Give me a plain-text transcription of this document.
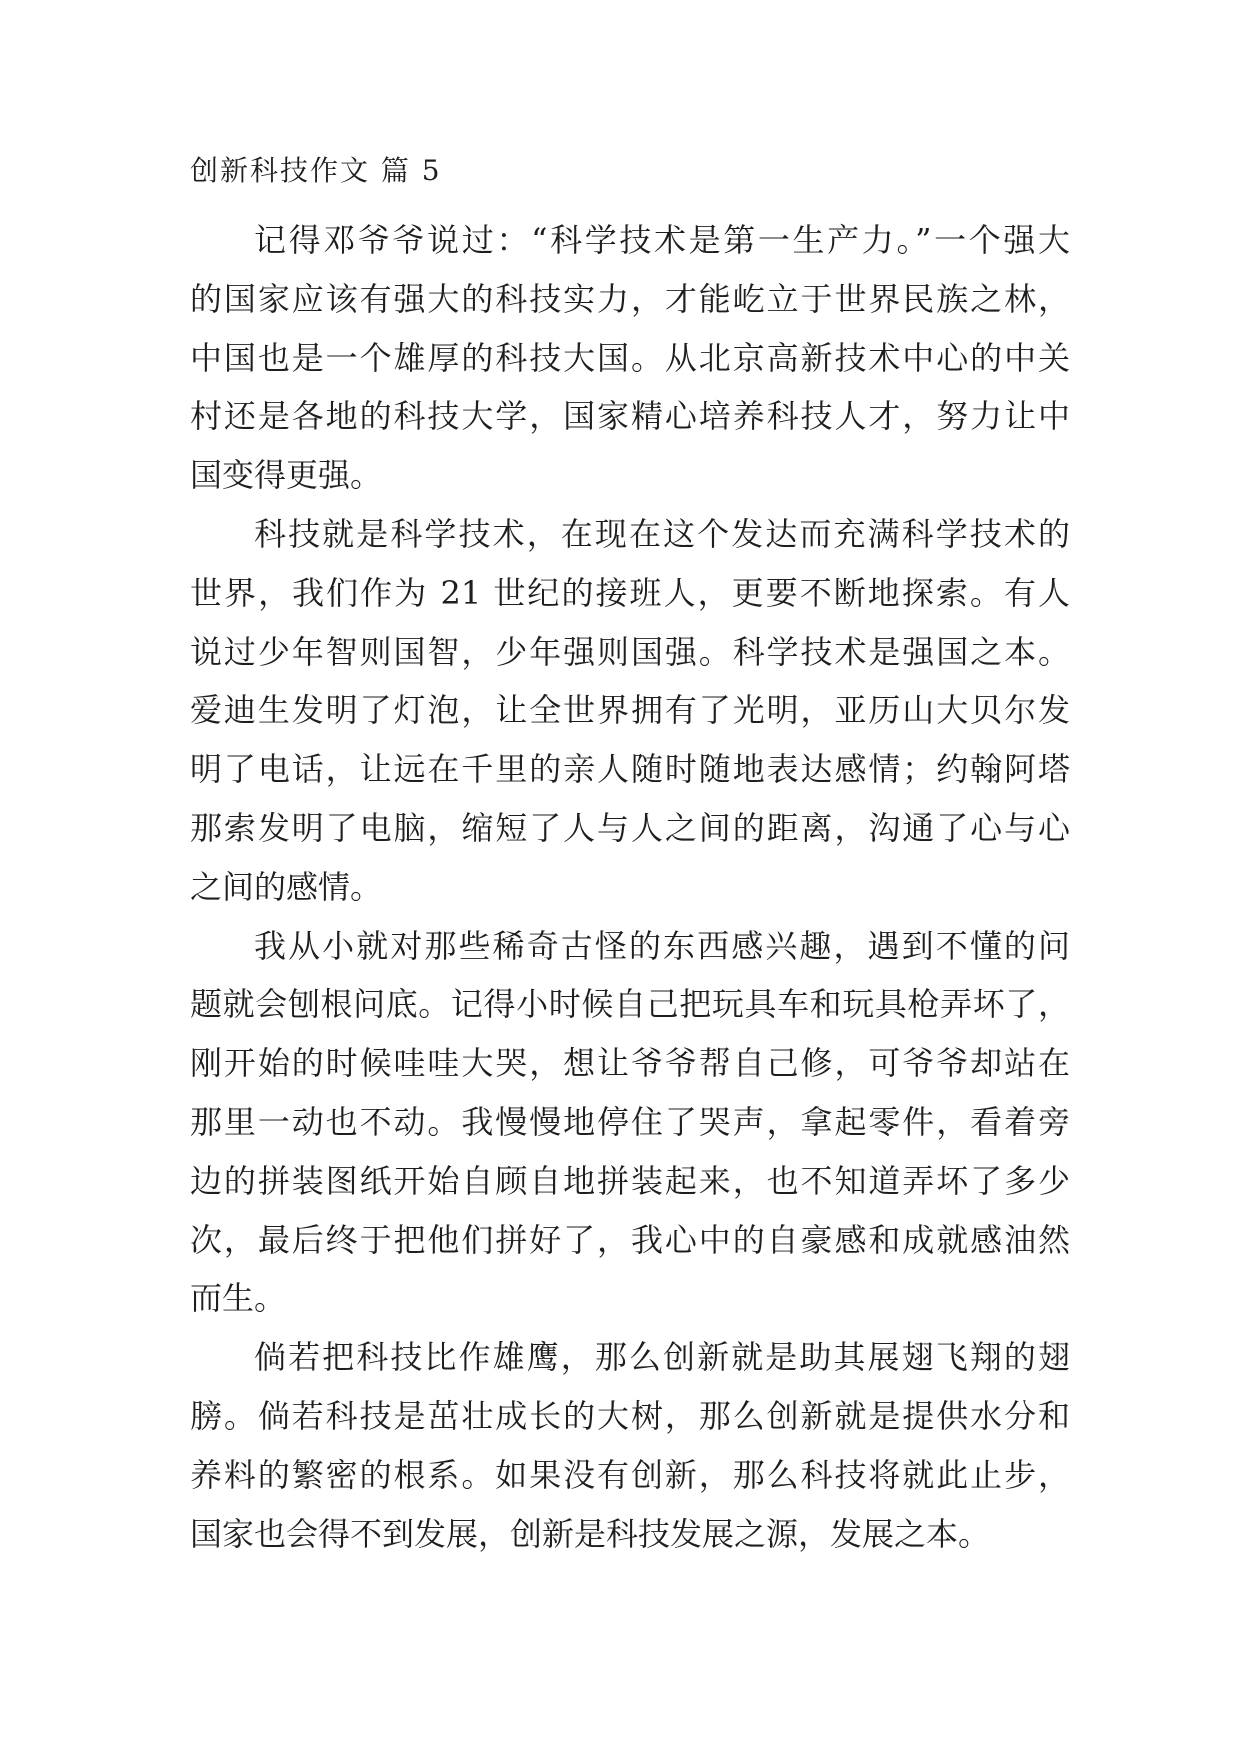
创新科技作文 篇 5
记得邓爷爷说过：“科学技术是第一生产力。”一个强大
的国家应该有强大的科技实力，才能屹立于世界民族之林，
中国也是一个雄厚的科技大国。从北京高新技术中心的中关
村还是各地的科技大学，国家精心培养科技人才，努力让中
国变得更强。
科技就是科学技术，在现在这个发达而充满科学技术的
世界，我们作为 21 世纪的接班人，更要不断地探索。有人
说过少年智则国智，少年强则国强。科学技术是强国之本。
爱迪生发明了灯泡，让全世界拥有了光明，亚历山大贝尔发
明了电话，让远在千里的亲人随时随地表达感情；约翰阿塔
那索发明了电脑，缩短了人与人之间的距离，沟通了心与心
之间的感情。
我从小就对那些稀奇古怪的东西感兴趣，遇到不懂的问
题就会刨根问底。记得小时候自己把玩具车和玩具枪弄坏了，
刚开始的时候哇哇大哭，想让爷爷帮自己修，可爷爷却站在
那里一动也不动。我慢慢地停住了哭声，拿起零件，看着旁
边的拼装图纸开始自顾自地拼装起来，也不知道弄坏了多少
次，最后终于把他们拼好了，我心中的自豪感和成就感油然
而生。
倘若把科技比作雄鹰，那么创新就是助其展翅飞翔的翅
膀。倘若科技是茁壮成长的大树，那么创新就是提供水分和
养料的繁密的根系。如果没有创新，那么科技将就此止步，
国家也会得不到发展，创新是科技发展之源，发展之本。
